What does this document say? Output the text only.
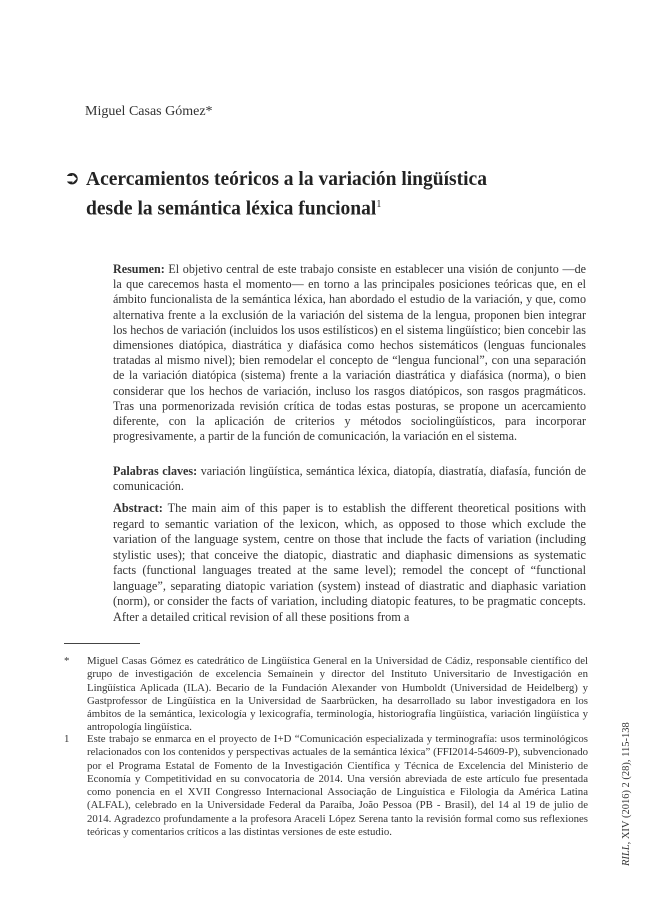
Miguel Casas Gómez*
➲ Acercamientos teóricos a la variación lingüística
desde la semántica léxica funcional$^1$

Resumen: El objetivo central de este trabajo consiste en establecer una visión de conjunto —de la que carecemos hasta el momento— en torno a las principales posiciones teóricas que, en el ámbito funcionalista de la semántica léxica, han abordado el estudio de la variación, y que, como alternativa frente a la exclusión de la variación del sistema de la lengua, proponen bien integrar los hechos de variación (incluidos los usos estilísticos) en el sistema lingüístico; bien concebir las dimensiones diatópica, diastrática y diafásica como hechos sistemáticos (lenguas funcionales tratadas al mismo nivel); bien remodelar el concepto de “lengua funcional”, con una separación de la variación diatópica (sistema) frente a la variación diastrática y diafásica (norma), o bien considerar que los hechos de variación, incluso los rasgos diatópicos, son rasgos pragmáticos. Tras una pormenorizada revisión crítica de todas estas posturas, se propone un acercamiento diferente, con la aplicación de criterios y métodos sociolingüísticos, para incorporar progresivamente, a partir de la función de comunicación, la variación en el sistema.

Palabras claves: variación lingüística, semántica léxica, diatopía, diastratía, diafasía, función de comunicación.

Abstract: The main aim of this paper is to establish the different theoretical positions with regard to semantic variation of the lexicon, which, as opposed to those which exclude the variation of the language system, centre on those that include the facts of variation (including stylistic uses); that conceive the diatopic, diastratic and diaphasic dimensions as systematic facts (functional languages treated at the same level); remodel the concept of “functional language”, separating diatopic variation (system) instead of diastratic and diaphasic variation (norm), or consider the facts of variation, including diatopic features, to be pragmatic concepts. After a detailed critical revision of all these positions from a

*	Miguel Casas Gómez es catedrático de Lingüística General en la Universidad de Cádiz, responsable científico del grupo de investigación de excelencia Semaínein y director del Instituto Universitario de Investigación en Lingüística Aplicada (ILA). Becario de la Fundación Alexander von Humboldt (Universidad de Heidelberg) y Gastprofessor de Lingüística en la Universidad de Saarbrücken, ha desarrollado su labor investigadora en los ámbitos de la semántica, lexicología y lexicografía, terminología, historiografía lingüística, variación lingüística y antropología lingüística.
1	Este trabajo se enmarca en el proyecto de I+D “Comunicación especializada y terminografía: usos terminológicos relacionados con los contenidos y perspectivas actuales de la semántica léxica” (FFI2014-54609-P), subvencionado por el Programa Estatal de Fomento de la Investigación Científica y Técnica de Excelencia del Ministerio de Economía y Competitividad en su convocatoria de 2014. Una versión abreviada de este artículo fue presentada como ponencia en el XVII Congresso Internacional Associação de Linguística e Filologia da América Latina (ALFAL), celebrado en la Universidade Federal da Paraíba, João Pessoa (PB - Brasil), del 14 al 19 de julio de 2014. Agradezco profundamente a la profesora Araceli López Serena tanto la revisión formal como sus reflexiones teóricas y comentarios críticos a las distintas versiones de este estudio.
RILL, XIV (2016) 2 (28), 115-138
